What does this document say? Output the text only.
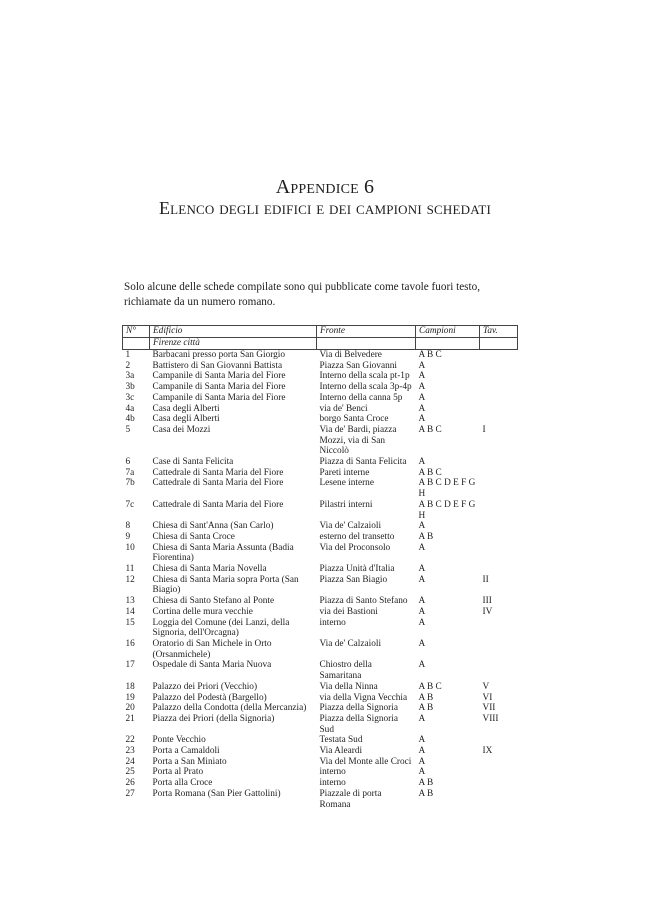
Appendice 6
Elenco degli edifici e dei campioni schedati

Solo alcune delle schede compilate sono qui pubblicate come tavole fuori testo, richiamate da un numero romano.

N°	Edificio	Fronte	Campioni	Tav.
	Firenze città			
1	Barbacani presso porta San Giorgio	Via di Belvedere	A B C	
2	Battistero di San Giovanni Battista	Piazza San Giovanni	A	
3a	Campanile di Santa Maria del Fiore	Interno della scala pt-1p	A	
3b	Campanile di Santa Maria del Fiore	Interno della scala 3p-4p	A	
3c	Campanile di Santa Maria del Fiore	Interno della canna 5p	A	
4a	Casa degli Alberti	via de' Benci	A	
4b	Casa degli Alberti	borgo Santa Croce	A	
5	Casa dei Mozzi	Via de' Bardi, piazza Mozzi, via di San Niccolò	A B C	I
6	Case di Santa Felicita	Piazza di Santa Felicita	A	
7a	Cattedrale di Santa Maria del Fiore	Pareti interne	A B C	
7b	Cattedrale di Santa Maria del Fiore	Lesene interne	A B C D E F G H	
7c	Cattedrale di Santa Maria del Fiore	Pilastri interni	A B C D E F G H	
8	Chiesa di Sant'Anna (San Carlo)	Via de' Calzaioli	A	
9	Chiesa di Santa Croce	esterno del transetto	A B	
10	Chiesa di Santa Maria Assunta (Badia Fiorentina)	Via del Proconsolo	A	
11	Chiesa di Santa Maria Novella	Piazza Unità d'Italia	A	
12	Chiesa di Santa Maria sopra Porta (San Biagio)	Piazza San Biagio	A	II
13	Chiesa di Santo Stefano al Ponte	Piazza di Santo Stefano	A	III
14	Cortina delle mura vecchie	via dei Bastioni	A	IV
15	Loggia del Comune (dei Lanzi, della Signoria, dell'Orcagna)	interno	A	
16	Oratorio di San Michele in Orto (Orsanmichele)	Via de' Calzaioli	A	
17	Ospedale di Santa Maria Nuova	Chiostro della Samaritana	A	
18	Palazzo dei Priori (Vecchio)	Via della Ninna	A B C	V
19	Palazzo del Podestà (Bargello)	via della Vigna Vecchia	A B	VI
20	Palazzo della Condotta (della Mercanzia)	Piazza della Signoria	A B	VII
21	Piazza dei Priori (della Signoria)	Piazza della Signoria Sud	A	VIII
22	Ponte Vecchio	Testata Sud	A	
23	Porta a Camaldoli	Via Aleardi	A	IX
24	Porta a San Miniato	Via del Monte alle Croci	A	
25	Porta al Prato	interno	A	
26	Porta alla Croce	interno	A B	
27	Porta Romana (San Pier Gattolini)	Piazzale di porta Romana	A B	
